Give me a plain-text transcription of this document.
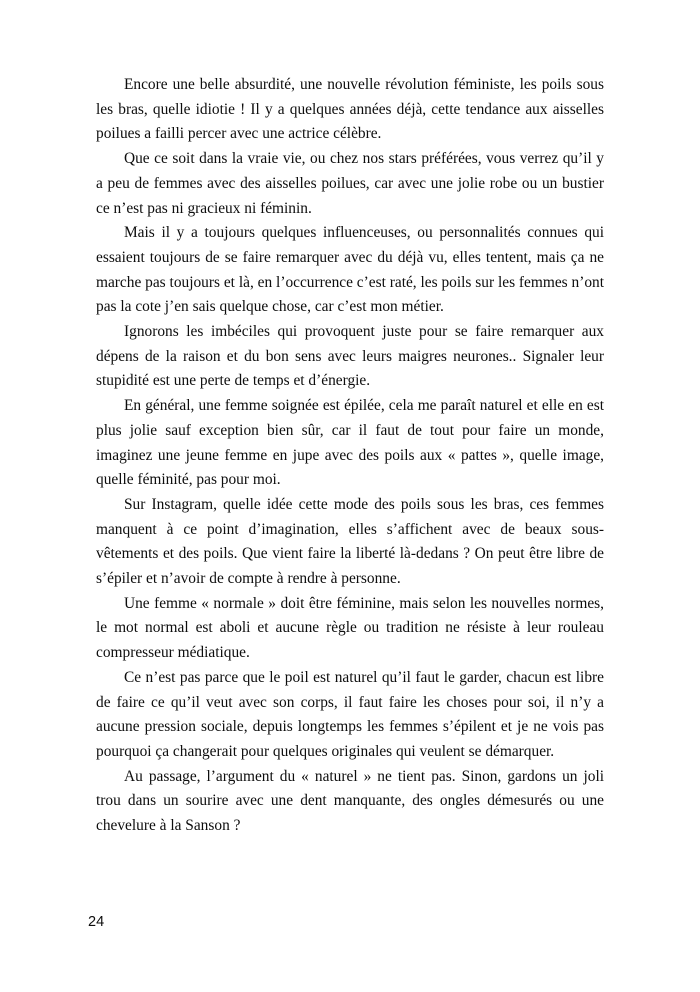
Encore une belle absurdité, une nouvelle révolution féministe, les poils sous les bras, quelle idiotie ! Il y a quelques années déjà, cette tendance aux aisselles poilues a failli percer avec une actrice célèbre.

Que ce soit dans la vraie vie, ou chez nos stars préférées, vous verrez qu’il y a peu de femmes avec des aisselles poilues, car avec une jolie robe ou un bustier ce n’est pas ni gracieux ni féminin.

Mais il y a toujours quelques influenceuses, ou personnalités connues qui essaient toujours de se faire remarquer avec du déjà vu, elles tentent, mais ça ne marche pas toujours et là, en l’occurrence c’est raté, les poils sur les femmes n’ont pas la cote j’en sais quelque chose, car c’est mon métier.

Ignorons les imbéciles qui provoquent juste pour se faire remarquer aux dépens de la raison et du bon sens avec leurs maigres neurones.. Signaler leur stupidité est une perte de temps et d’énergie.

En général, une femme soignée est épilée, cela me paraît naturel et elle en est plus jolie sauf exception bien sûr, car il faut de tout pour faire un monde, imaginez une jeune femme en jupe avec des poils aux « pattes », quelle image, quelle féminité, pas pour moi.

Sur Instagram, quelle idée cette mode des poils sous les bras, ces femmes manquent à ce point d’imagination, elles s’affichent avec de beaux sous-vêtements et des poils. Que vient faire la liberté là-dedans ? On peut être libre de s’épiler et n’avoir de compte à rendre à personne.

Une femme « normale » doit être féminine, mais selon les nouvelles normes, le mot normal est aboli et aucune règle ou tradition ne résiste à leur rouleau compresseur médiatique.

Ce n’est pas parce que le poil est naturel qu’il faut le garder, chacun est libre de faire ce qu’il veut avec son corps, il faut faire les choses pour soi, il n’y a aucune pression sociale, depuis longtemps les femmes s’épilent et je ne vois pas pourquoi ça changerait pour quelques originales qui veulent se démarquer.

Au passage, l’argument du « naturel » ne tient pas. Sinon, gardons un joli trou dans un sourire avec une dent manquante, des ongles démesurés ou une chevelure à la Sanson ?

24
